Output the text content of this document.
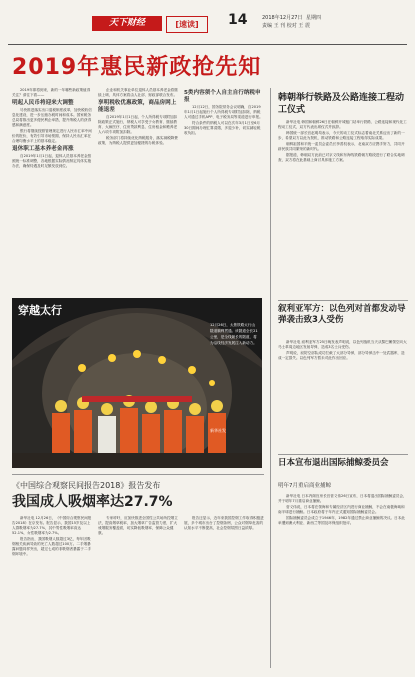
天下财经	[速读]	14	2018年12月27日 星期四
责编 王 刊 校对 王 震
2019年惠民新政抢先知

2019年即将到来，新的一年哪些新政策值得关注？请往下看——

明起人民币将迎来大调整

尽快推进落实出口退税制度改革，加快税收信息化建设，进一步压缩办税时间和成本。国家税务总局将推出更多便民利企举措，提升纳税人的获得感和满意度。

银行将继续按照管理规定进行人民币汇率中间价的报价，有效引导市场预期，保持人民币汇率在合理均衡水平上的基本稳定。

退休职工基本养老金再涨

自2019年1月1日起，退休人员基本养老金按照统一标准调整，各地根据实际情况制定具体实施办法，确保待遇及时足额发放到位。

企业和机关事业单位退休人员基本养老金将继续上调，具体方案将由人社部、财政部联合发布。

享明税收优惠政策，商品房网上能退差

自2019年1月1日起，个人所得税专项附加扣除政策正式施行，纳税人可享受子女教育、继续教育、大病医疗、住房贷款利息、住房租金和赡养老人六项专项附加扣除。

税务部门将持续优化纳税服务，落实减税降费政策，为纳税人提供更加便捷的办税体验。

5类内容须个人自主自行纳税申报

12月12日，国务院常务会议明确，自2019年1月1日起施行个人所得税专项附加扣除，纳税人可通过手机APP、电子税务局等渠道进行申报。

符合条件的纳税人可以在次年3月1日至6月30日期间办理汇算清缴，多退少补，切实减轻税收负担。

穿越太行
12月26日，太焦铁路太行山隧道顺利贯通。该隧道全长21公里，是全线最长的隧道，将为沿线经济发展注入新动力。
新华社发
《中国综合观察民间报告2018》报告发布
我国成人吸烟率达27.7%

新华社电 12月26日，《中国综合观察民间报告2018》在京发布。报告显示，我国15岁及以上人群吸烟率为27.7%，其中男性吸烟率高达52.1%，女性吸烟率为2.7%。

报告指出，我国吸烟人数超过3亿，每年因吸烟相关疾病导致的死亡人数超过100万。二手烟暴露问题同样突出，超过七成的非吸烟者暴露于二手烟环境中。

专家呼吁，应加快推进全国性公共场所控烟立法，提高烟草税率，加大烟草广告监管力度，扩大戒烟服务覆盖面，切实降低吸烟率，保障公众健康。

报告还显示，近年来我国控烟工作取得积极进展，多个城市出台了控烟条例，公众对烟草危害的认知水平不断提高，社会控烟氛围日益浓厚。

韩朝举行铁路及公路连接工程动工仪式

新华社电 韩国和朝鲜26日在朝鲜开城板门站举行铁路、公路连接和现代化工程动工仪式，双方代表出席仪式并致辞。

韩国统一部长官赵明均表示，今天的动工仪式标志着南北关系迈出了新的一步，希望双方以此为契机，推动铁路和公路连接工程取得实际成果。

朝鲜祖国和平统一委员会委员长李善权表示，北南双方应携手努力，共同开辟民族共同繁荣的新时代。

据报道，韩朝双方此前已对京义线和东海线铁路朝方路段进行了联合实地调查，双方将在此基础上商讨具体施工方案。

叙利亚军方：以色列对首都发动导弹袭击致3人受伤

新华社电 叙利亚军方25日晚发表声明说，以色列战机当天从黎巴嫩领空向大马士革周边地区发射导弹，造成3名士兵受伤。

声明说，叙防空部队成功拦截了大部分导弹，部分导弹击中一处武器库，造成一定损失。以色列军方暂未对此作出回应。

日本宣布退出国际捕鲸委员会
明年7月重启商业捕鲸

新华社电 日本内阁官房长官菅义伟26日宣布，日本将退出国际捕鲸委员会，并于明年7月重启商业捕鲸。

菅义伟说，日本将在领海和专属经济区内进行商业捕鲸，不会在南极海域和南半球进行捕鲸。日本政府将于年内正式通知国际捕鲸委员会。

国际捕鲸委员会成立于1946年，1982年通过禁止商业捕鲸的决议。日本此举遭到澳大利亚、新西兰等国及环保组织批评。
